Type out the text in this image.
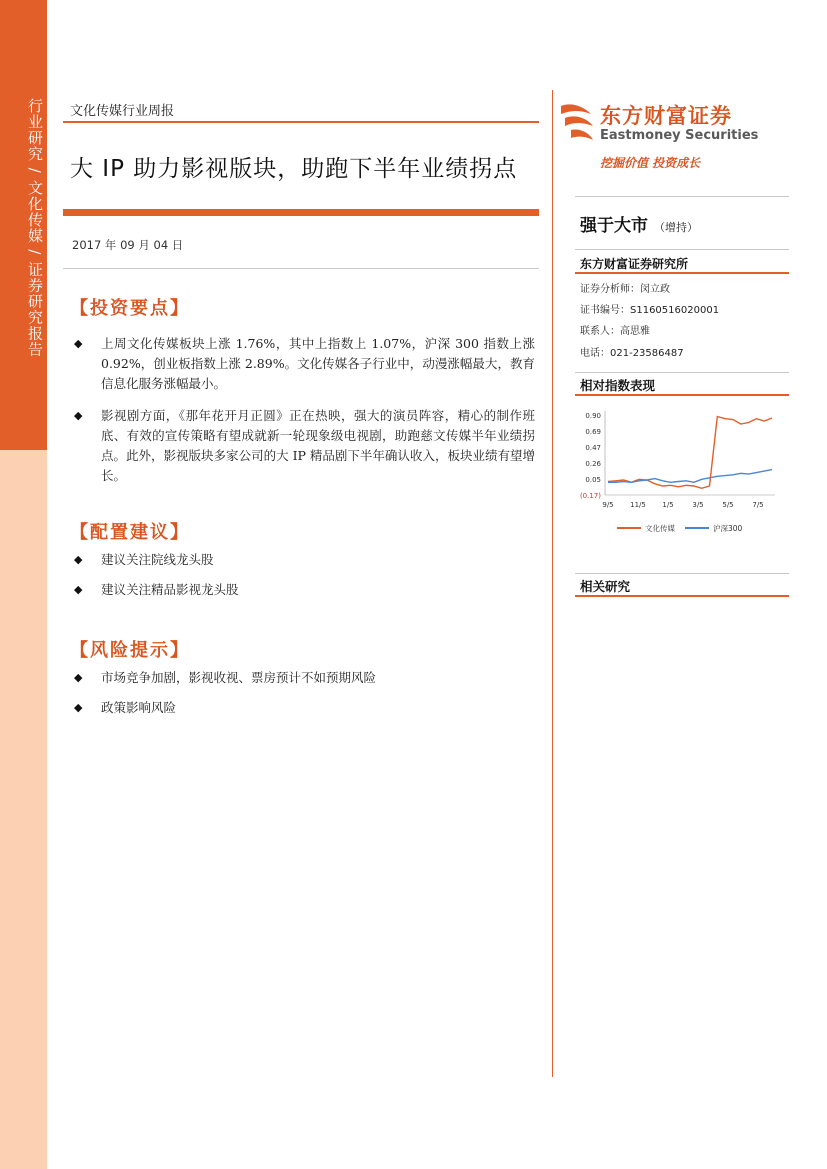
行业研究 / 文化传媒 / 证券研究报告 文化传媒行业周报
大 IP 助力影视版块，助跑下半年业绩拐点
2017 年 09 月 04 日
【投资要点】
◆ 上周文化传媒板块上涨 1.76%，其中上指数上 1.07%，沪深 300 指数上涨 0.92%，创业板指数上涨 2.89%。文化传媒各子行业中，动漫涨幅最大，教育信息化服务涨幅最小。
◆ 影视剧方面，《那年花开月正圆》正在热映，强大的演员阵容，精心的制作班底、有效的宣传策略有望成就新一轮现象级电视剧，助跑慈文传媒半年业绩拐点。此外，影视版块多家公司的大 IP 精品剧下半年确认收入，板块业绩有望增长。
【配置建议】
◆ 建议关注院线龙头股
◆ 建议关注精品影视龙头股
【风险提示】
◆ 市场竞争加剧，影视收视、票房预计不如预期风险
◆ 政策影响风险
东方财富证券
Eastmoney Securities
挖掘价值 投资成长
强于大市 （增持）
东方财富证券研究所
证券分析师：闵立政
证书编号：S1160516020001
联系人：高思雅
电话：021-23586487
相对指数表现
0.90
0.69
0.47
0.26
0.05
(0.17)
9/5 11/5 1/5	3/5	5/5	7/5
文化传媒	沪深300
相关研究
